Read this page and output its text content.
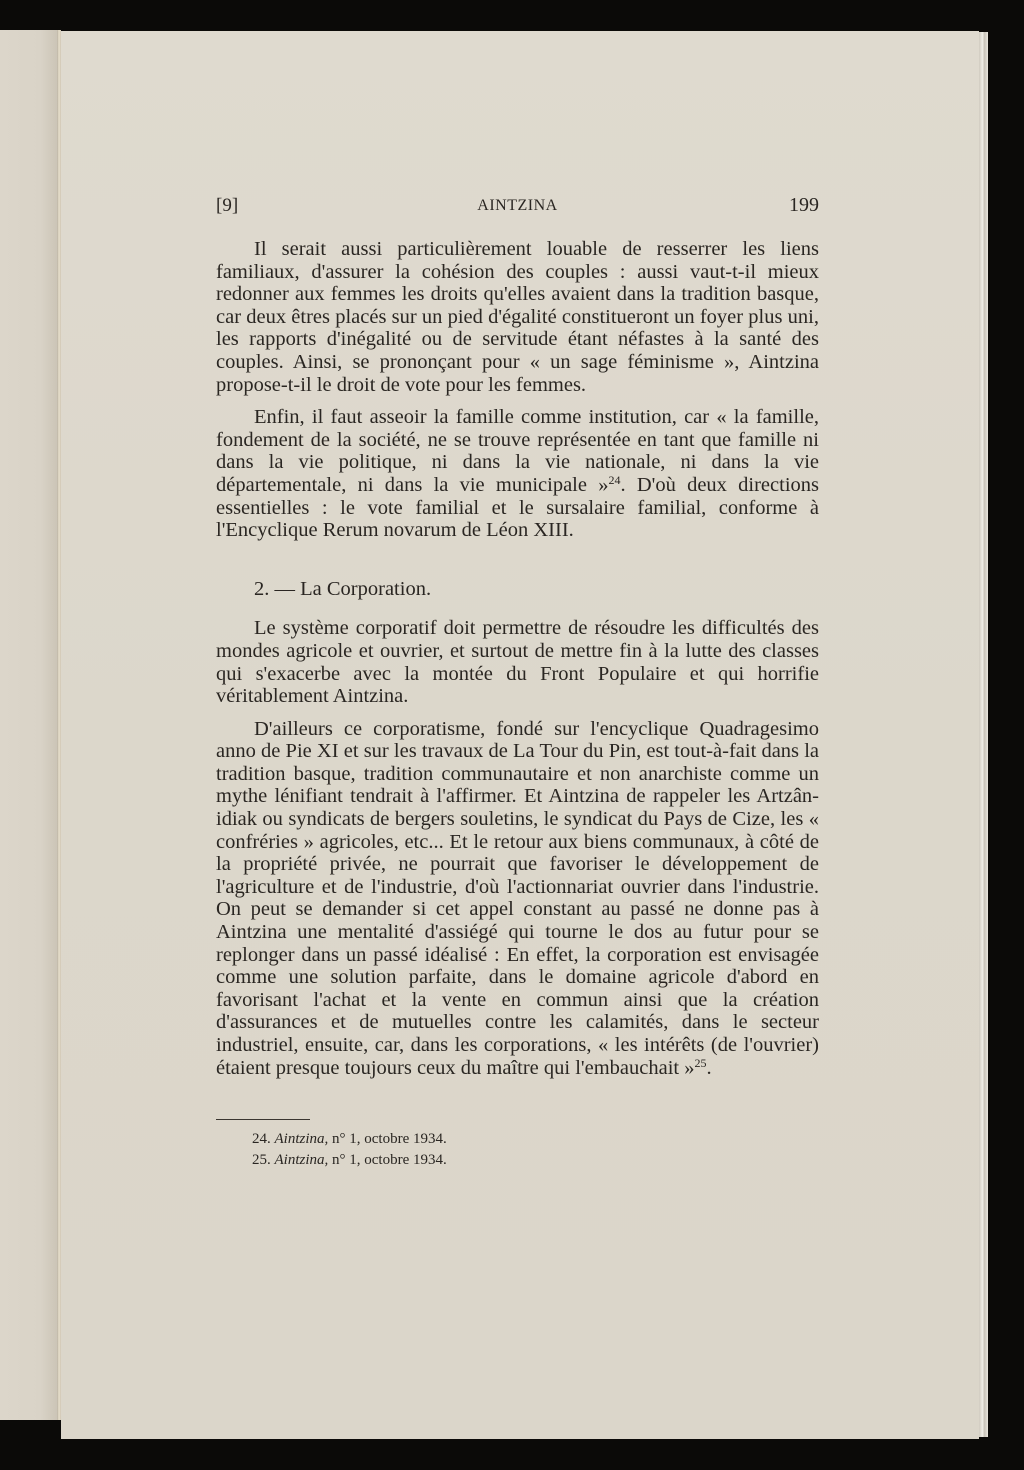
[9]	AINTZINA	199

Il serait aussi particulièrement louable de resserrer les liens familiaux, d'assurer la cohésion des couples : aussi vaut-t-il mieux redonner aux femmes les droits qu'elles avaient dans la tradition basque, car deux êtres placés sur un pied d'égalité constitueront un foyer plus uni, les rapports d'inégalité ou de servitude étant néfastes à la santé des couples. Ainsi, se prononçant pour « un sage féminisme », Aintzina propose-t-il le droit de vote pour les femmes.

Enfin, il faut asseoir la famille comme institution, car « la famille, fondement de la société, ne se trouve représentée en tant que famille ni dans la vie politique, ni dans la vie nationale, ni dans la vie départementale, ni dans la vie municipale »$^{24}$. D'où deux directions essentielles : le vote familial et le sursalaire familial, conforme à l'Encyclique Rerum novarum de Léon XIII.

2. — La Corporation.

Le système corporatif doit permettre de résoudre les difficultés des mondes agricole et ouvrier, et surtout de mettre fin à la lutte des classes qui s'exacerbe avec la montée du Front Populaire et qui horrifie véritablement Aintzina.

D'ailleurs ce corporatisme, fondé sur l'encyclique Quadragesimo anno de Pie XI et sur les travaux de La Tour du Pin, est tout-à-fait dans la tradition basque, tradition communautaire et non anarchiste comme un mythe lénifiant tendrait à l'affirmer. Et Aintzina de rappeler les Artzân-idiak ou syndicats de bergers souletins, le syndicat du Pays de Cize, les « confréries » agricoles, etc... Et le retour aux biens communaux, à côté de la propriété privée, ne pourrait que favoriser le développement de l'agriculture et de l'industrie, d'où l'actionnariat ouvrier dans l'industrie. On peut se demander si cet appel constant au passé ne donne pas à Aintzina une mentalité d'assiégé qui tourne le dos au futur pour se replonger dans un passé idéalisé : En effet, la corporation est envisagée comme une solution parfaite, dans le domaine agricole d'abord en favorisant l'achat et la vente en commun ainsi que la création d'assurances et de mutuelles contre les calamités, dans le secteur industriel, ensuite, car, dans les corporations, « les intérêts (de l'ouvrier) étaient presque toujours ceux du maître qui l'embauchait »$^{25}$.

24. Aintzina, n° 1, octobre 1934.
25. Aintzina, n° 1, octobre 1934.
